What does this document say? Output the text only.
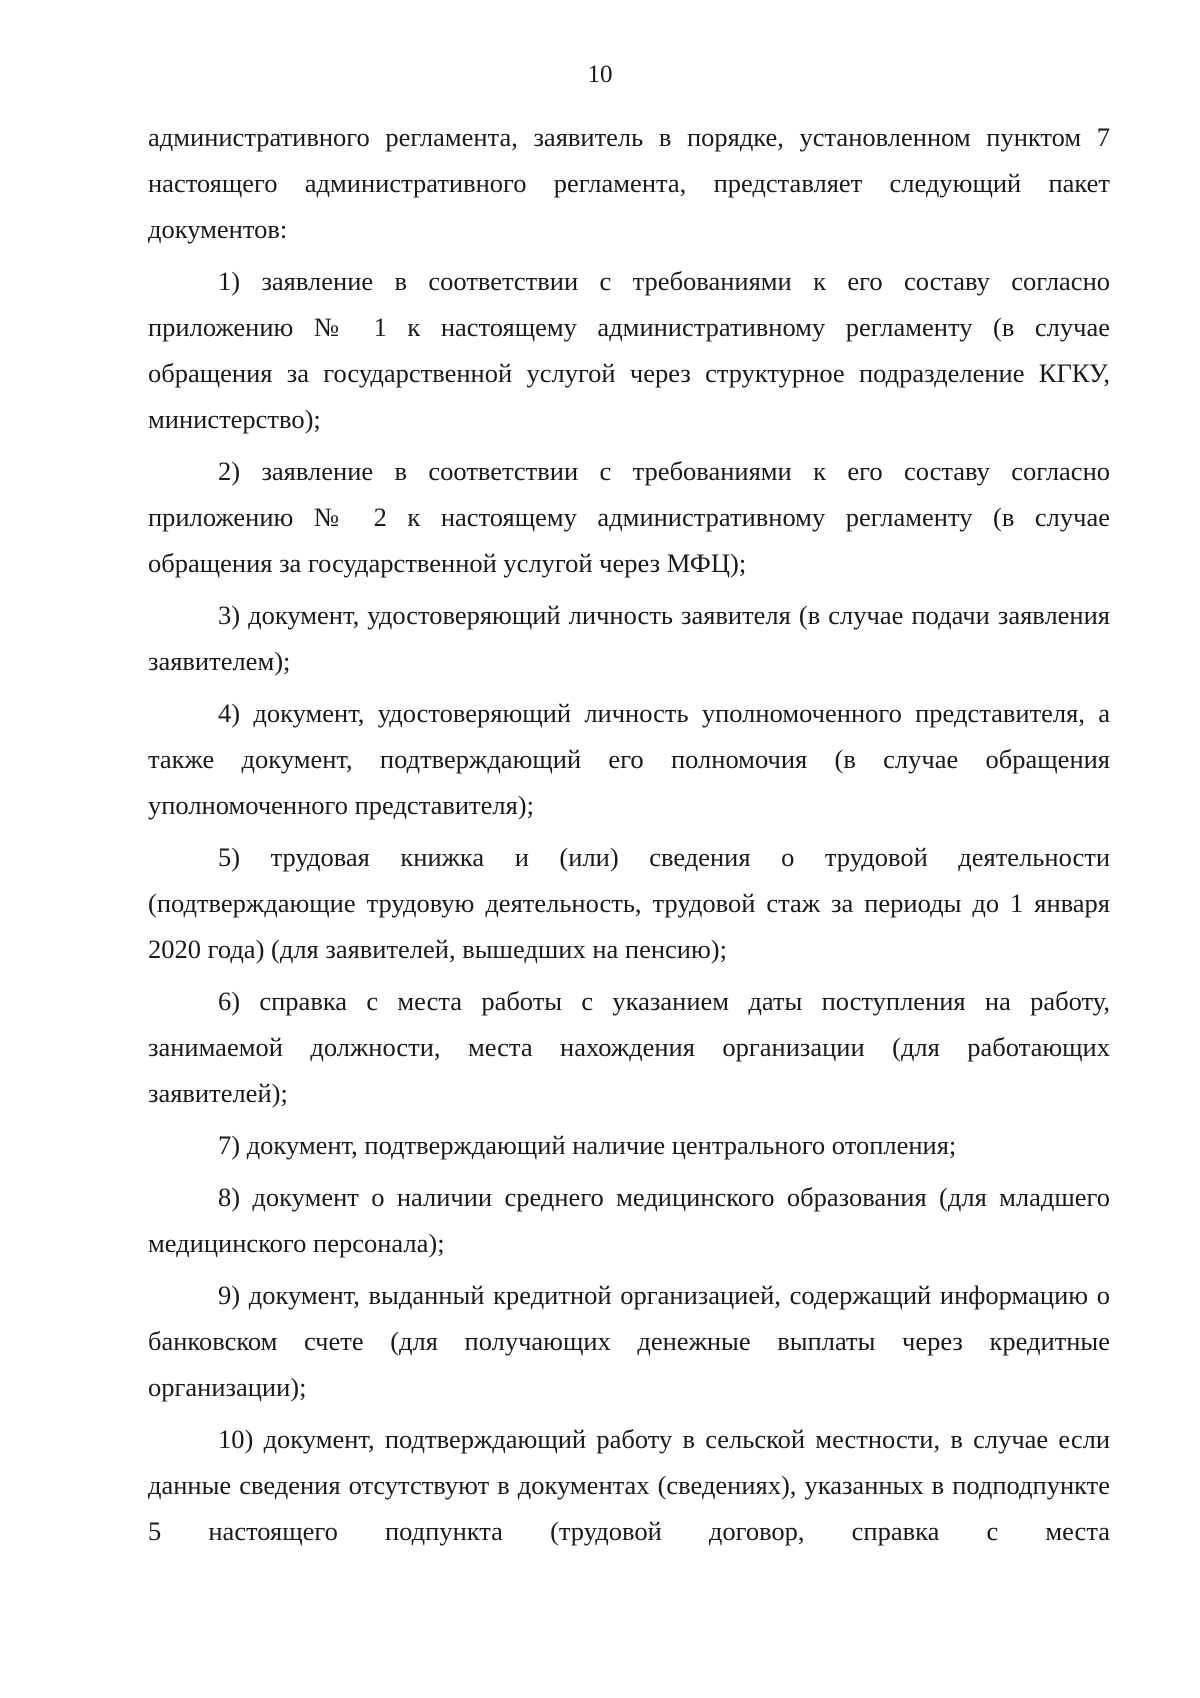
10

административного регламента, заявитель в порядке, установленном пунктом 7 настоящего административного регламента, представляет следующий пакет документов:

1) заявление в соответствии с требованиями к его составу согласно приложению № 1 к настоящему административному регламенту (в случае обращения за государственной услугой через структурное подразделение КГКУ, министерство);

2) заявление в соответствии с требованиями к его составу согласно приложению № 2 к настоящему административному регламенту (в случае обращения за государственной услугой через МФЦ);

3) документ, удостоверяющий личность заявителя (в случае подачи заявления заявителем);

4) документ, удостоверяющий личность уполномоченного представителя, а также документ, подтверждающий его полномочия (в случае обращения уполномоченного представителя);

5) трудовая книжка и (или) сведения о трудовой деятельности (подтверждающие трудовую деятельность, трудовой стаж за периоды до 1 января 2020 года) (для заявителей, вышедших на пенсию);

6) справка с места работы с указанием даты поступления на работу, занимаемой должности, места нахождения организации (для работающих заявителей);

7) документ, подтверждающий наличие центрального отопления;

8) документ о наличии среднего медицинского образования (для младшего медицинского персонала);

9) документ, выданный кредитной организацией, содержащий информацию о банковском счете (для получающих денежные выплаты через кредитные организации);

10) документ, подтверждающий работу в сельской местности, в случае если данные сведения отсутствуют в документах (сведениях), указанных в подподпункте 5 настоящего подпункта (трудовой договор, справка с места
